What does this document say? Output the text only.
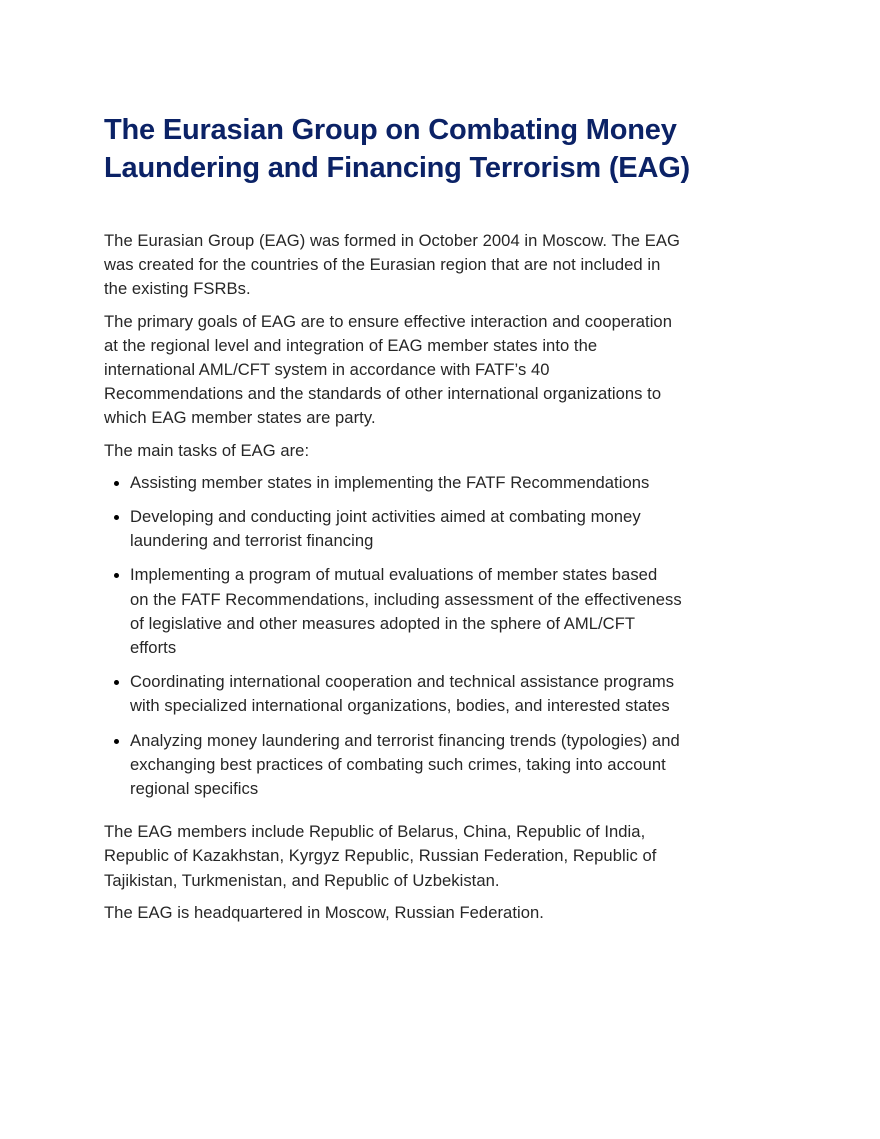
The Eurasian Group on Combating Money
Laundering and Financing Terrorism (EAG)
The Eurasian Group (EAG) was formed in October 2004 in Moscow. The EAG
was created for the countries of the Eurasian region that are not included in
the existing FSRBs.
The primary goals of EAG are to ensure effective interaction and cooperation
at the regional level and integration of EAG member states into the
international AML/CFT system in accordance with FATF’s 40
Recommendations and the standards of other international organizations to
which EAG member states are party.
The main tasks of EAG are:
Assisting member states in implementing the FATF Recommendations
Developing and conducting joint activities aimed at combating money
laundering and terrorist financing
Implementing a program of mutual evaluations of member states based
on the FATF Recommendations, including assessment of the effectiveness
of legislative and other measures adopted in the sphere of AML/CFT
efforts
Coordinating international cooperation and technical assistance programs
with specialized international organizations, bodies, and interested states
Analyzing money laundering and terrorist financing trends (typologies) and
exchanging best practices of combating such crimes, taking into account
regional specifics
The EAG members include Republic of Belarus, China, Republic of India,
Republic of Kazakhstan, Kyrgyz Republic, Russian Federation, Republic of
Tajikistan, Turkmenistan, and Republic of Uzbekistan.
The EAG is headquartered in Moscow, Russian Federation.
